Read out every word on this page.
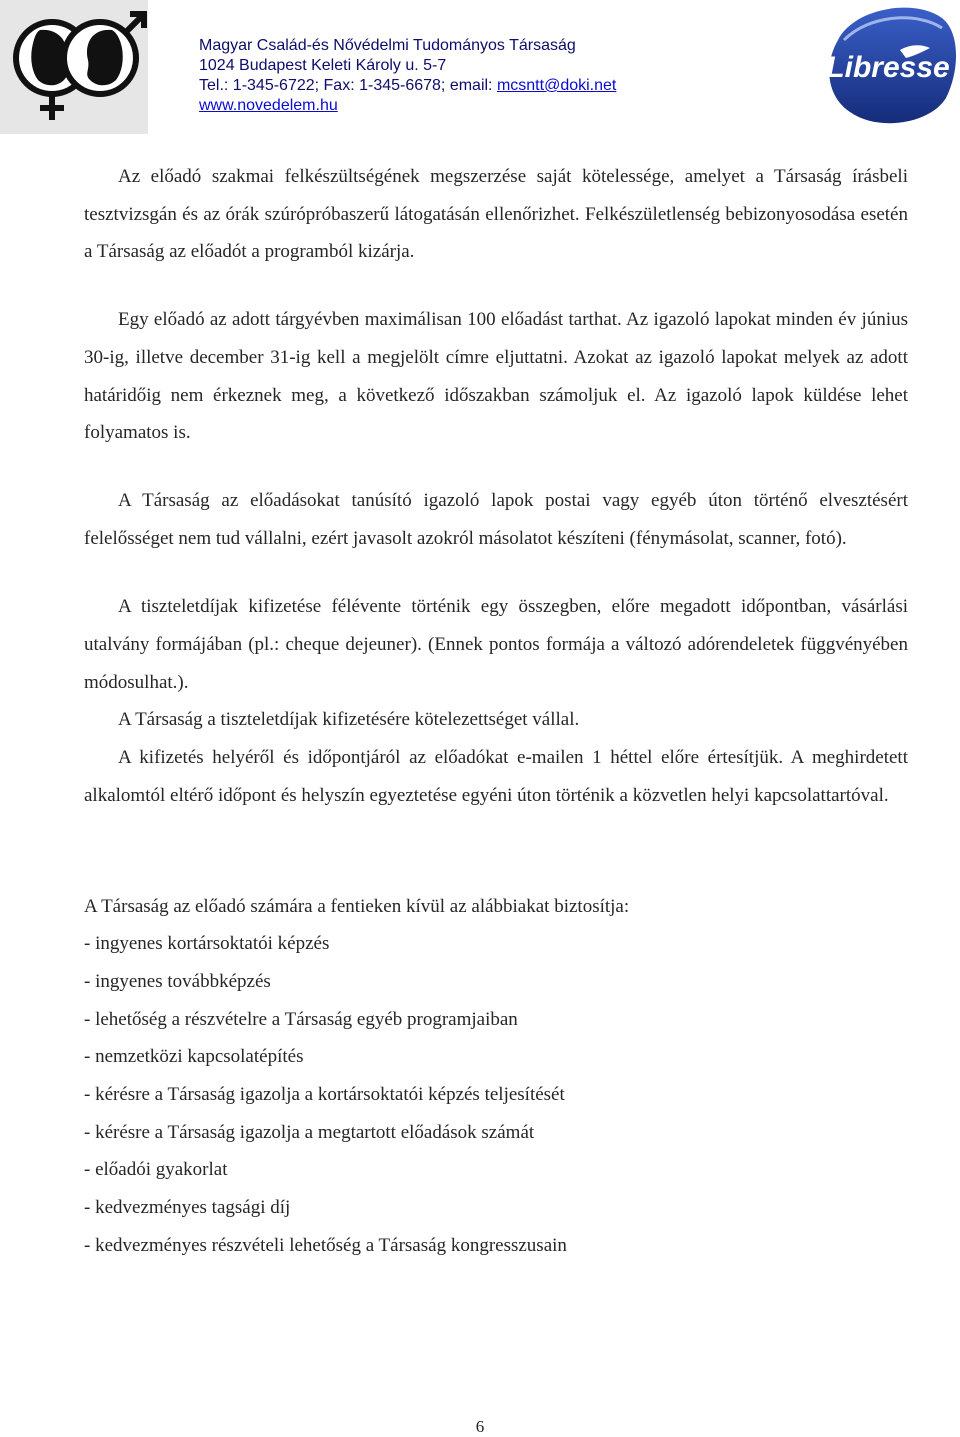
Magyar Család-és Nővédelmi Tudományos Társaság
1024 Budapest Keleti Károly u. 5-7
Tel.: 1-345-6722; Fax: 1-345-6678; email: mcsntt@doki.net
www.novedelem.hu
Libresse

Az előadó szakmai felkészültségének megszerzése saját kötelessége, amelyet a Társaság írásbeli tesztvizsgán és az órák szúrópróbaszerű látogatásán ellenőrizhet. Felkészületlenség bebizonyosodása esetén a Társaság az előadót a programból kizárja.

Egy előadó az adott tárgyévben maximálisan 100 előadást tarthat. Az igazoló lapokat minden év június 30-ig, illetve december 31-ig kell a megjelölt címre eljuttatni. Azokat az igazoló lapokat melyek az adott határidőig nem érkeznek meg, a következő időszakban számoljuk el. Az igazoló lapok küldése lehet folyamatos is.

A Társaság az előadásokat tanúsító igazoló lapok postai vagy egyéb úton történő elvesztésért felelősséget nem tud vállalni, ezért javasolt azokról másolatot készíteni (fénymásolat, scanner, fotó).

A tiszteletdíjak kifizetése félévente történik egy összegben, előre megadott időpontban, vásárlási utalvány formájában (pl.: cheque dejeuner). (Ennek pontos formája a változó adórendeletek függvényében módosulhat.).

A Társaság a tiszteletdíjak kifizetésére kötelezettséget vállal.

A kifizetés helyéről és időpontjáról az előadókat e-mailen 1 héttel előre értesítjük. A meghirdetett alkalomtól eltérő időpont és helyszín egyeztetése egyéni úton történik a közvetlen helyi kapcsolattartóval.

A Társaság az előadó számára a fentieken kívül az alábbiakat biztosítja:

- ingyenes kortársoktatói képzés

- ingyenes továbbképzés

- lehetőség a részvételre a Társaság egyéb programjaiban

- nemzetközi kapcsolatépítés

- kérésre a Társaság igazolja a kortársoktatói képzés teljesítését

- kérésre a Társaság igazolja a megtartott előadások számát

- előadói gyakorlat

- kedvezményes tagsági díj

- kedvezményes részvételi lehetőség a Társaság kongresszusain

6
